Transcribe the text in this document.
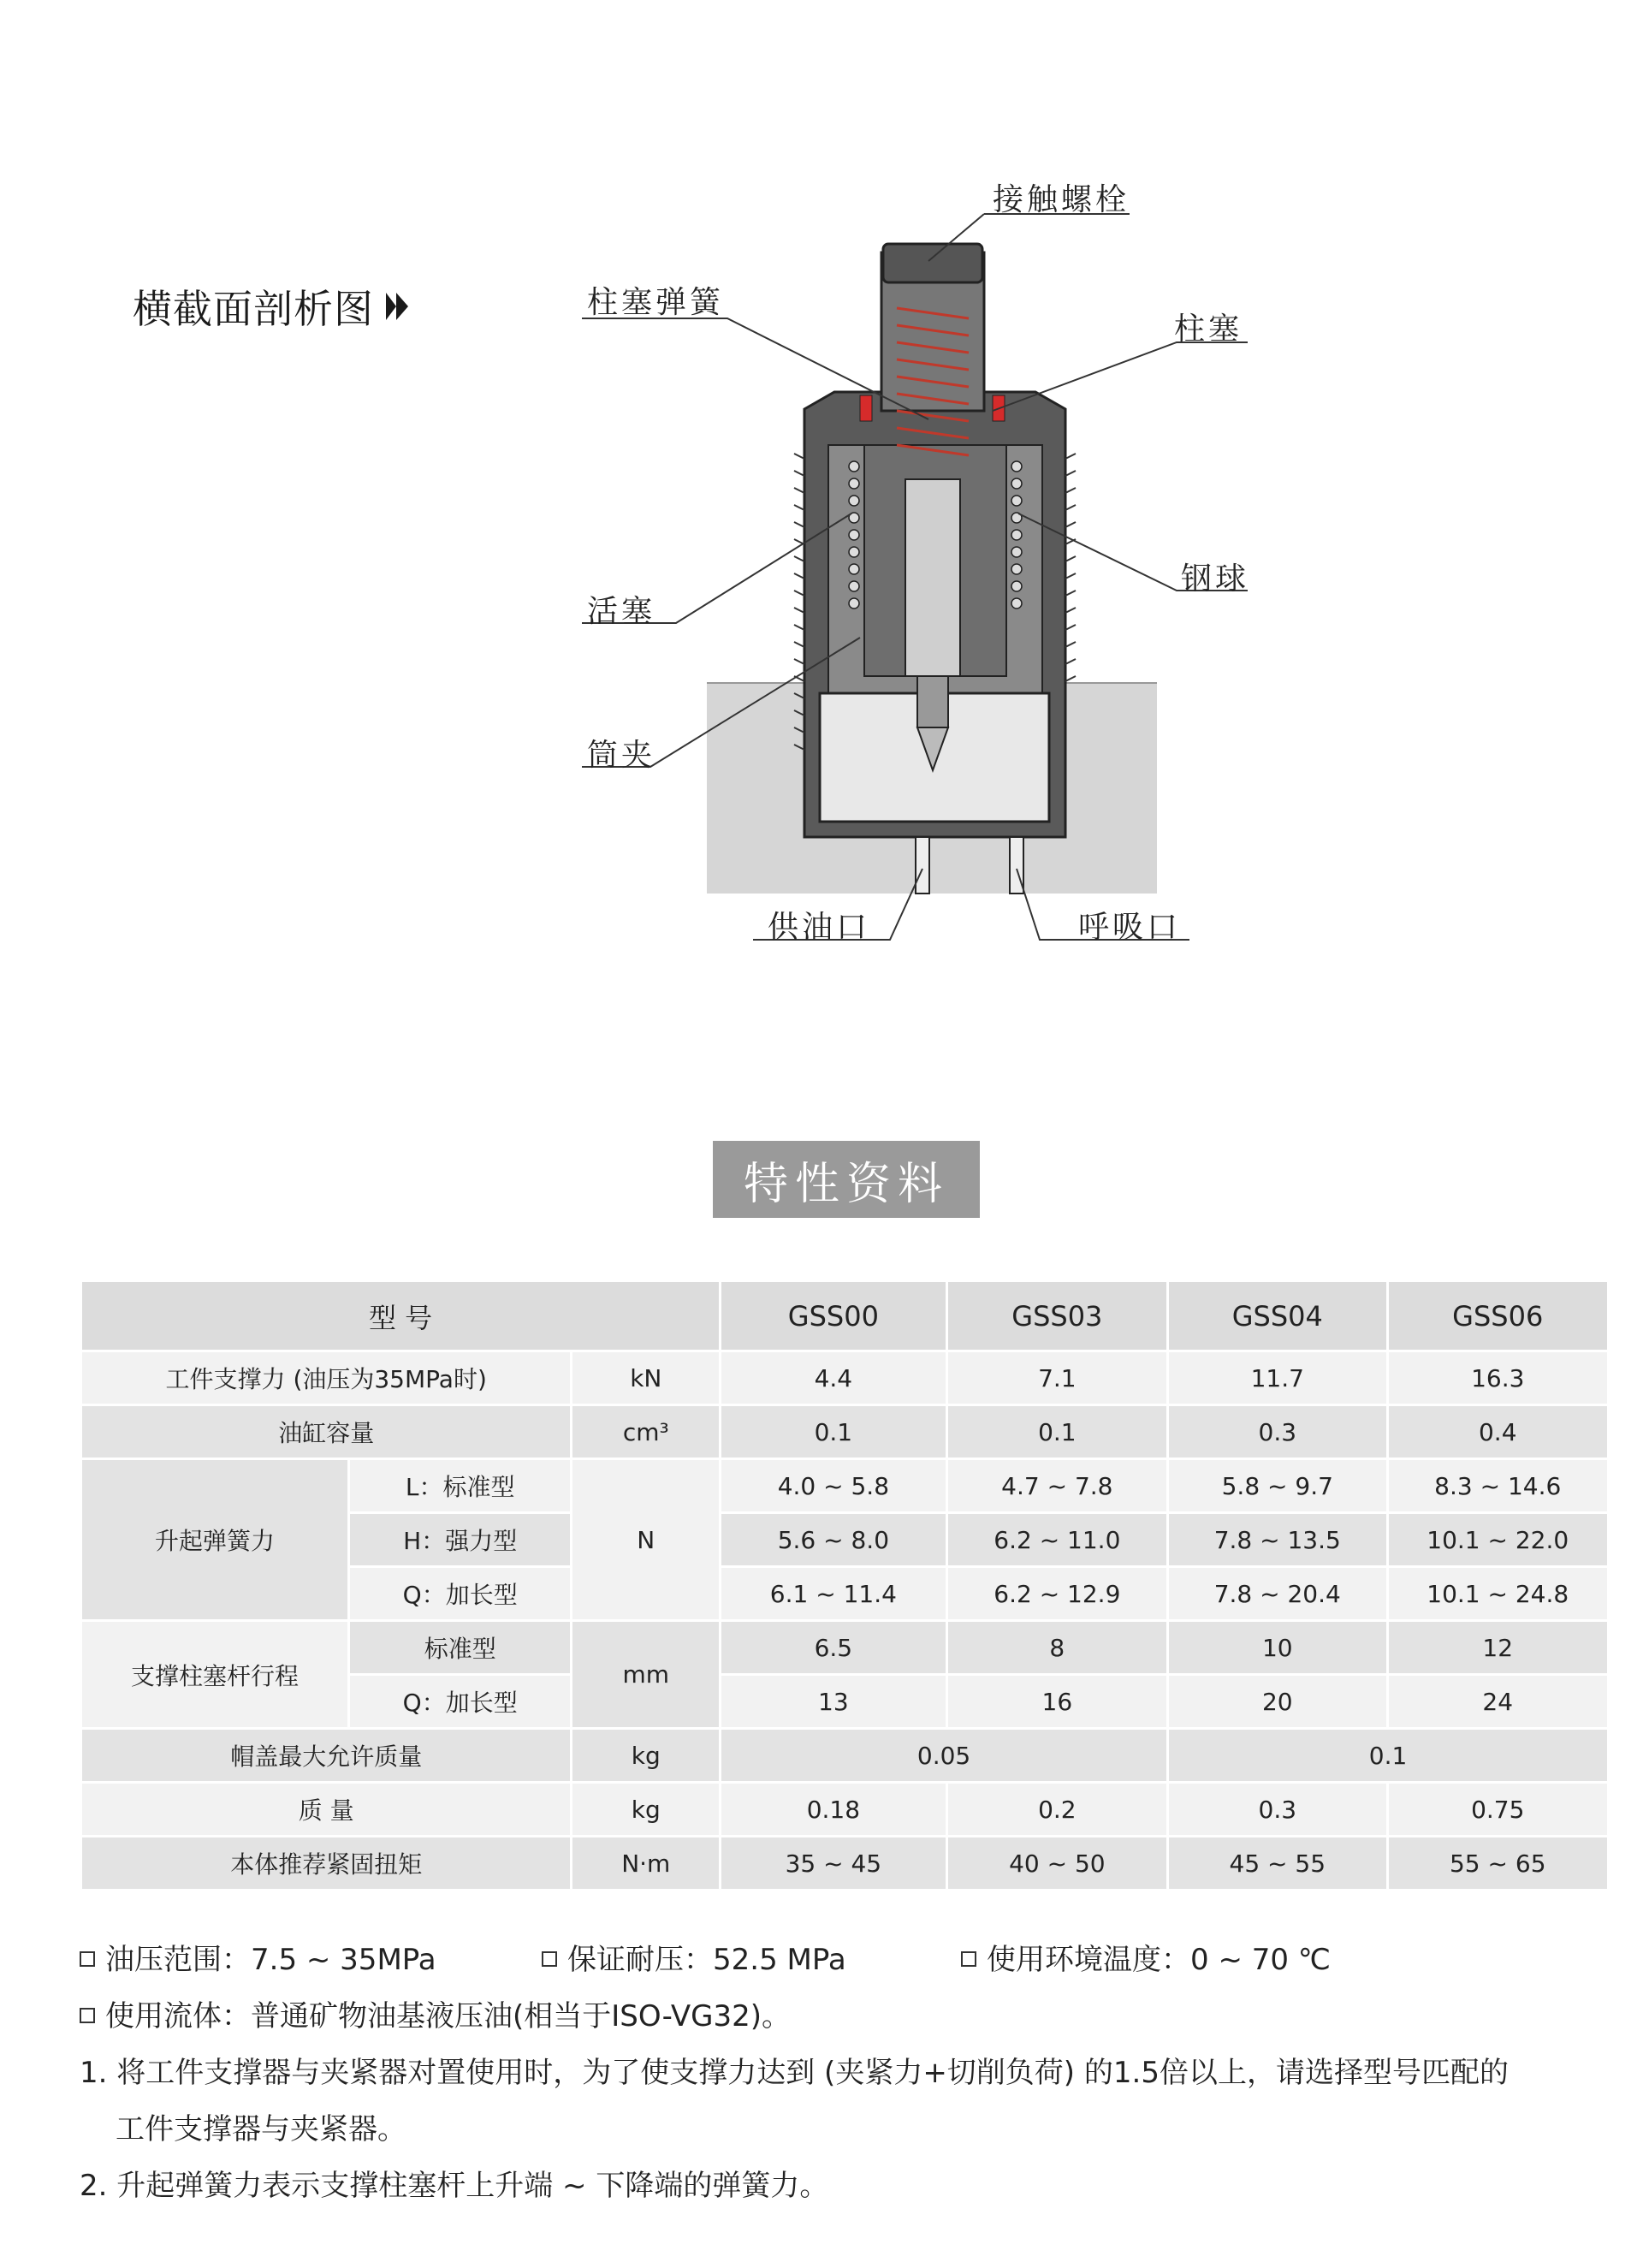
横截面剖析图
接触螺栓
柱塞弹簧
柱塞
钢球
活塞
筒夹
供油口	呼吸口
特性资料
型 号			GSS00	GSS03	GSS04	GSS06
工件支撑力 (油压为35MPa时)		kN	4.4	7.1	11.7	16.3
油缸容量		cm³	0.1	0.1	0.3	0.4
升起弹簧力	L：标准型	N	4.0 ~ 5.8	4.7 ~ 7.8	5.8 ~ 9.7	8.3 ~ 14.6
	H：强力型		5.6 ~ 8.0	6.2 ~ 11.0	7.8 ~ 13.5	10.1 ~ 22.0
	Q：加长型		6.1 ~ 11.4	6.2 ~ 12.9	7.8 ~ 20.4	10.1 ~ 24.8
支撑柱塞杆行程	标准型	mm	6.5	8	10	12
	Q：加长型		13	16	20	24
帽盖最大允许质量		kg	0.05		0.1	
质 量		kg	0.18	0.2	0.3	0.75
本体推荐紧固扭矩		N·m	35 ~ 45	40 ~ 50	45 ~ 55	55 ~ 65
油压范围：7.5 ~ 35MPa	保证耐压：52.5 MPa	使用环境温度：0 ~ 70 ℃
使用流体：普通矿物油基液压油(相当于ISO-VG32)。
1. 将工件支撑器与夹紧器对置使用时，为了使支撑力达到 (夹紧力+切削负荷) 的1.5倍以上，请选择型号匹配的
工件支撑器与夹紧器。
2. 升起弹簧力表示支撑柱塞杆上升端 ~ 下降端的弹簧力。
